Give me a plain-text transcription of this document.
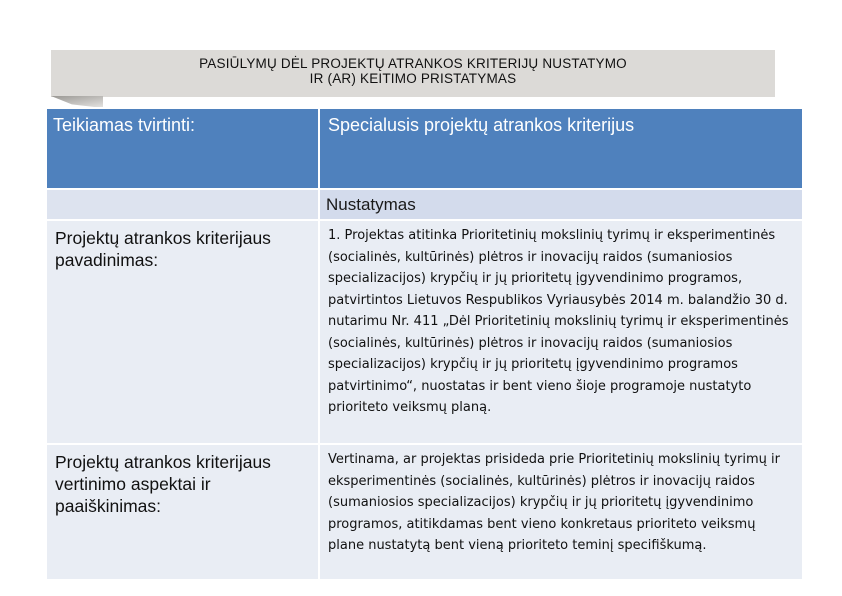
PASIŪLYMŲ DĖL PROJEKTŲ ATRANKOS KRITERIJŲ NUSTATYMO
IR (AR) KEITIMO PRISTATYMAS
Teikiamas tvirtinti:	Specialusis projektų atrankos kriterijus
	Nustatymas
Projektų atrankos kriterijaus pavadinimas:	1. Projektas atitinka Prioritetinių mokslinių tyrimų ir eksperimentinės (socialinės, kultūrinės) plėtros ir inovacijų raidos (sumaniosios specializacijos) krypčių ir jų prioritetų įgyvendinimo programos, patvirtintos Lietuvos Respublikos Vyriausybės 2014 m. balandžio 30 d. nutarimu Nr. 411 „Dėl Prioritetinių mokslinių tyrimų ir eksperimentinės (socialinės, kultūrinės) plėtros ir inovacijų raidos (sumaniosios specializacijos) krypčių ir jų prioritetų įgyvendinimo programos patvirtinimo“, nuostatas ir bent vieno šioje programoje nustatyto prioriteto veiksmų planą.
Projektų atrankos kriterijaus vertinimo aspektai ir paaiškinimas:	Vertinama, ar projektas prisideda prie Prioritetinių mokslinių tyrimų ir eksperimentinės (socialinės, kultūrinės) plėtros ir inovacijų raidos (sumaniosios specializacijos) krypčių ir jų prioritetų įgyvendinimo programos, atitikdamas bent vieno konkretaus prioriteto veiksmų plane nustatytą bent vieną prioriteto teminį specifiškumą.
